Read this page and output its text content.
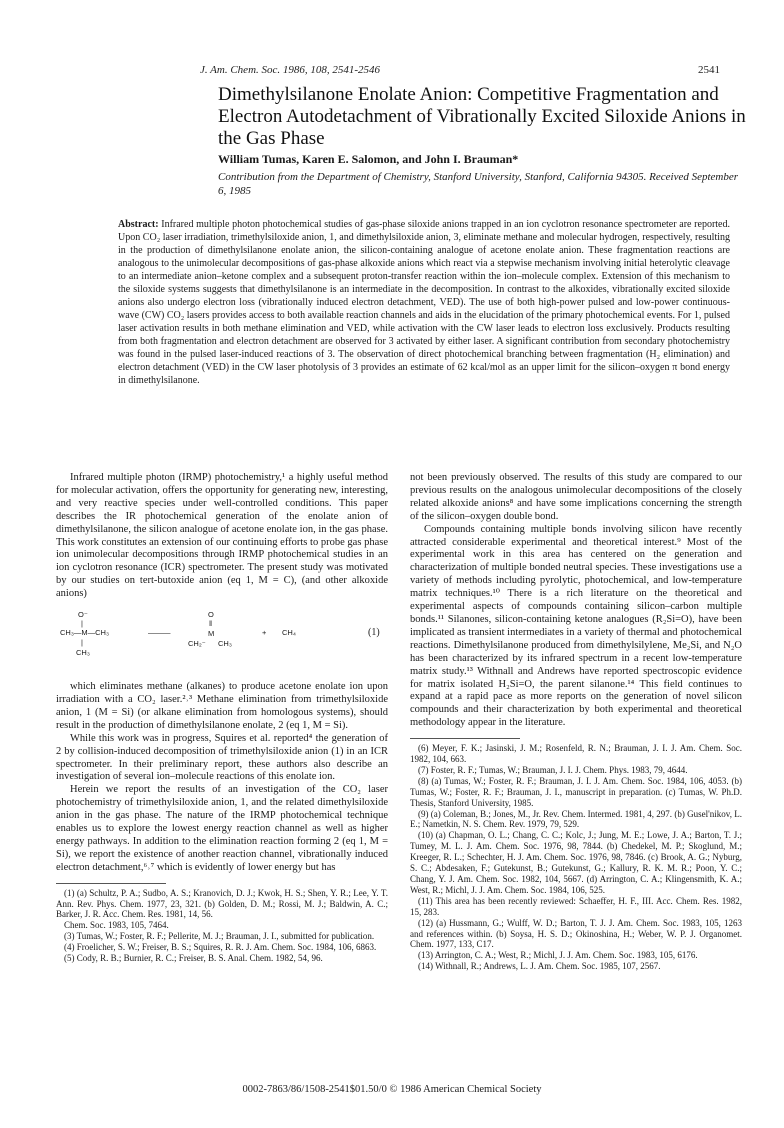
J. Am. Chem. Soc. 1986, 108, 2541-2546	2541
Dimethylsilanone Enolate Anion: Competitive Fragmentation and Electron Autodetachment of Vibrationally Excited Siloxide Anions in the Gas Phase
William Tumas, Karen E. Salomon, and John I. Brauman*
Contribution from the Department of Chemistry, Stanford University, Stanford, California 94305. Received September 6, 1985
Abstract: Infrared multiple photon photochemical studies of gas-phase siloxide anions trapped in an ion cyclotron resonance spectrometer are reported. Upon CO₂ laser irradiation, trimethylsiloxide anion, 1, and dimethylsiloxide anion, 3, eliminate methane and molecular hydrogen, respectively, resulting in the production of dimethylsilanone enolate anion, the silicon-containing analogue of acetone enolate anion. These fragmentation reactions are analogous to the unimolecular decompositions of gas-phase alkoxide anions which react via a stepwise mechanism involving initial heterolytic cleavage to an intermediate anion–ketone complex and a subsequent proton-transfer reaction within the ion–molecule complex. Extension of this mechanism to the siloxide systems suggests that dimethylsilanone is an intermediate in the decomposition. In contrast to the alkoxides, vibrationally excited siloxide anions also undergo electron loss (vibrationally induced electron detachment, VED). The use of both high-power pulsed and low-power continuous-wave (CW) CO₂ lasers provides access to both available reaction channels and aids in the elucidation of the primary photochemical events. For 1, pulsed laser activation results in both methane elimination and VED, while activation with the CW laser leads to electron loss exclusively. Products resulting from both fragmentation and electron detachment are observed for 3 activated by either laser. A significant contribution from secondary photochemistry was found in the pulsed laser-induced reactions of 3. The observation of direct photochemical branching between fragmentation (H₂ elimination) and electron detachment (VED) in the CW laser photolysis of 3 provides an estimate of 62 kcal/mol as an upper limit for the silicon–oxygen π bond energy in dimethylsilanone.

Infrared multiple photon (IRMP) photochemistry,¹ a highly useful method for molecular activation, offers the opportunity for generating new, interesting, and very reactive species under well-controlled conditions. This paper describes the IR photochemical generation of the enolate anion of dimethylsilanone, the silicon analogue of acetone enolate ion, in the gas phase. This work constitutes an extension of our continuing efforts to probe gas phase ion unimolecular decompositions through IRMP photochemical studies in an ion cyclotron resonance (ICR) spectrometer. The present study was motivated by our studies on tert-butoxide anion (eq 1, M = C), (and other alkoxide anions)

O⁻
|
CH₃—M—CH₃
|
CH₃
———
O
‖
M
CH₂⁻ CH₃
+ CH₄	(1)

which eliminates methane (alkanes) to produce acetone enolate ion upon irradiation with a CO₂ laser.²˒³ Methane elimination from trimethylsiloxide anion, 1 (M = Si) (or alkane elimination from homologous systems), should result in the production of dimethylsilanone enolate, 2 (eq 1, M = Si).

While this work was in progress, Squires et al. reported⁴ the generation of 2 by collision-induced decomposition of trimethylsiloxide anion (1) in an ICR spectrometer. In their preliminary report, these authors also describe an investigation of several ion–molecule reactions of this enolate ion.

Herein we report the results of an investigation of the CO₂ laser photochemistry of trimethylsiloxide anion, 1, and the related dimethylsiloxide anion in the gas phase. The nature of the IRMP photochemical technique enables us to explore the lowest energy reaction channel as well as higher energy pathways. In addition to the elimination reaction forming 2 (eq 1, M = Si), we report the existence of another reaction channel, vibrationally induced electron detachment,⁶˒⁷ which is evidently of lower energy but has

(1) (a) Schultz, P. A.; Sudbo, A. S.; Kranovich, D. J.; Kwok, H. S.; Shen, Y. R.; Lee, Y. T. Ann. Rev. Phys. Chem. 1977, 23, 321. (b) Golden, D. M.; Rossi, M. J.; Baldwin, A. C.; Barker, J. R. Acc. Chem. Res. 1981, 14, 56.
Chem. Soc. 1983, 105, 7464.
(3) Tumas, W.; Foster, R. F.; Pellerite, M. J.; Brauman, J. I., submitted for publication.
(4) Froelicher, S. W.; Freiser, B. S.; Squires, R. R. J. Am. Chem. Soc. 1984, 106, 6863.
(5) Cody, R. B.; Burnier, R. C.; Freiser, B. S. Anal. Chem. 1982, 54, 96.

not been previously observed. The results of this study are compared to our previous results on the analogous unimolecular decompositions of the closely related alkoxide anions⁸ and have some implications concerning the strength of the silicon–oxygen double bond.

Compounds containing multiple bonds involving silicon have recently attracted considerable experimental and theoretical interest.⁹ Most of the experimental work in this area has centered on the generation and characterization of multiple bonded neutral species. These investigations use a variety of methods including pyrolytic, photochemical, and low-temperature matrix techniques.¹⁰ There is a rich literature on the theoretical and experimental aspects of compounds containing silicon–carbon multiple bonds.¹¹ Silanones, silicon-containing ketone analogues (R₂Si=O), have been implicated as transient intermediates in a variety of thermal and photochemical reactions. Dimethylsilanone produced from dimethylsilylene, Me₂Si, and N₂O has been characterized by its infrared spectrum in a recent low-temperature matrix study.¹³ Withnall and Andrews have reported spectroscopic evidence for matrix isolated H₂Si=O, the parent silanone.¹⁴ This field continues to expand at a rapid pace as more reports on the generation of novel silicon compounds and their characterization by both experimental and theoretical methodology appear in the literature.

(6) Meyer, F. K.; Jasinski, J. M.; Rosenfeld, R. N.; Brauman, J. I. J. Am. Chem. Soc. 1982, 104, 663.
(7) Foster, R. F.; Tumas, W.; Brauman, J. I. J. Chem. Phys. 1983, 79, 4644.
(8) (a) Tumas, W.; Foster, R. F.; Brauman, J. I. J. Am. Chem. Soc. 1984, 106, 4053. (b) Tumas, W.; Foster, R. F.; Brauman, J. I., manuscript in preparation. (c) Tumas, W. Ph.D. Thesis, Stanford University, 1985.
(9) (a) Coleman, B.; Jones, M., Jr. Rev. Chem. Intermed. 1981, 4, 297. (b) Gusel'nikov, L. E.; Nametkin, N. S. Chem. Rev. 1979, 79, 529.
(10) (a) Chapman, O. L.; Chang, C. C.; Kolc, J.; Jung, M. E.; Lowe, J. A.; Barton, T. J.; Tumey, M. L. J. Am. Chem. Soc. 1976, 98, 7844. (b) Chedekel, M. P.; Skoglund, M.; Kreeger, R. L.; Schechter, H. J. Am. Chem. Soc. 1976, 98, 7846. (c) Brook, A. G.; Nyburg, S. C.; Abdesaken, F.; Gutekunst, B.; Gutekunst, G.; Kallury, R. K. M. R.; Poon, Y. C.; Chang, Y. J. Am. Chem. Soc. 1982, 104, 5667. (d) Arrington, C. A.; Klingensmith, K. A.; West, R.; Michl, J. J. Am. Chem. Soc. 1984, 106, 525.
(11) This area has been recently reviewed: Schaeffer, H. F., III. Acc. Chem. Res. 1982, 15, 283.
(12) (a) Hussmann, G.; Wulff, W. D.; Barton, T. J. J. Am. Chem. Soc. 1983, 105, 1263 and references within. (b) Soysa, H. S. D.; Okinoshina, H.; Weber, W. P. J. Organomet. Chem. 1977, 133, C17.
(13) Arrington, C. A.; West, R.; Michl, J. J. Am. Chem. Soc. 1983, 105, 6176.
(14) Withnall, R.; Andrews, L. J. Am. Chem. Soc. 1985, 107, 2567.
0002-7863/86/1508-2541$01.50/0 © 1986 American Chemical Society
